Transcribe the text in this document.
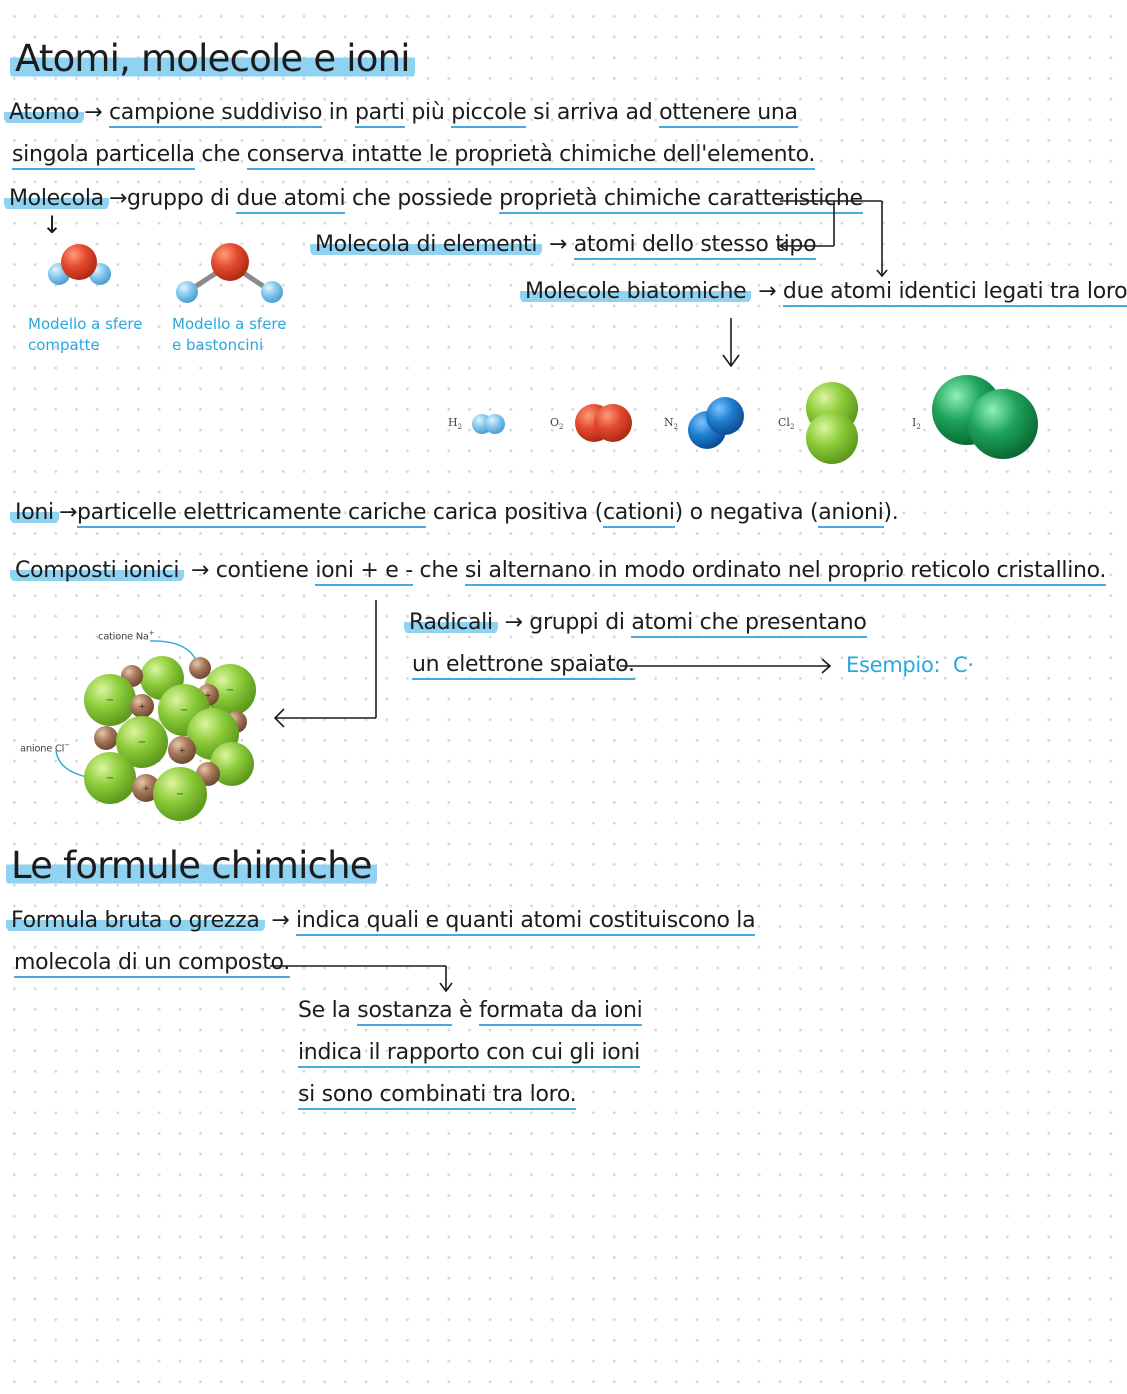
Atomi, molecole e ioni
Atomo → campione suddiviso in parti più piccole si arriva ad ottenere una
singola particella che conserva intatte le proprietà chimiche dell'elemento.
Molecola →gruppo di due atomi che possiede proprietà chimiche caratteristiche
↓
Molecola di elementi → atomi dello stesso tipo
Molecole biatomiche → due atomi identici legati tra loro
Modello a sfere
compatte
Modello a sfere
e bastoncini
$H_2$	$O_2$	$N_2$	$Cl_2$	$I_2$
Ioni →particelle elettricamente cariche carica positiva (cationi) o negativa (anioni).
Composti ionici → contiene ioni + e - che si alternano in modo ordinato nel proprio reticolo cristallino.
catione Na+
anione Cl−
Radicali → gruppi di atomi che presentano
un elettrone spaiato.	Esempio: C·
Le formule chimiche
Formula bruta o grezza → indica quali e quanti atomi costituiscono la
molecola di un composto.
Se la sostanza è formata da ioni
indica il rapporto con cui gli ioni
si sono combinati tra loro.
+
+
+
+
−
−
−
−
−
−
